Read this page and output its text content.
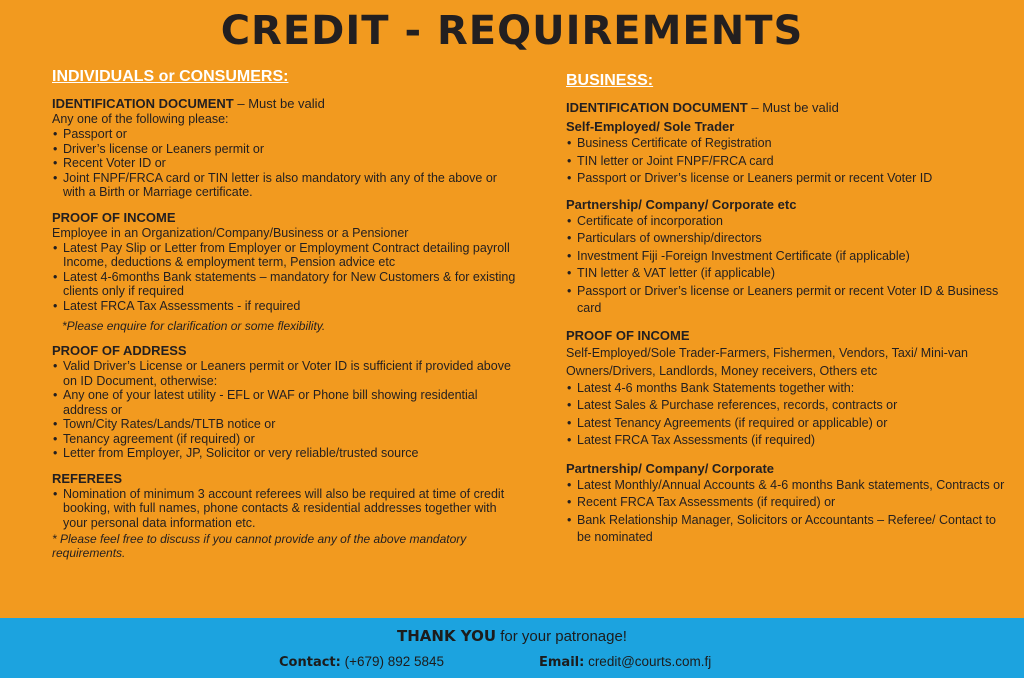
CREDIT - REQUIREMENTS
INDIVIDUALS or CONSUMERS:
IDENTIFICATION DOCUMENT – Must be valid
Any one of the following please:
• Passport or
• Driver’s license or Leaners permit or
• Recent Voter ID or
• Joint FNPF/FRCA card or TIN letter is also mandatory with any of the above or with a Birth or Marriage certificate.
PROOF OF INCOME
Employee in an Organization/Company/Business or a Pensioner
• Latest Pay Slip or Letter from Employer or Employment Contract detailing payroll Income, deductions & employment term, Pension advice etc
• Latest 4-6months Bank statements – mandatory for New Customers & for existing clients only if required
• Latest FRCA Tax Assessments - if required
*Please enquire for clarification or some flexibility.
PROOF OF ADDRESS
• Valid Driver’s License or Leaners permit or Voter ID is sufficient if provided above on ID Document, otherwise:
• Any one of your latest utility - EFL or WAF or Phone bill showing residential address or
• Town/City Rates/Lands/TLTB notice or
• Tenancy agreement (if required) or
• Letter from Employer, JP, Solicitor or very reliable/trusted source
REFEREES
• Nomination of minimum 3 account referees will also be required at time of credit booking, with full names, phone contacts & residential addresses together with your personal data information etc.
* Please feel free to discuss if you cannot provide any of the above mandatory requirements.
BUSINESS:
IDENTIFICATION DOCUMENT – Must be valid
Self-Employed/ Sole Trader
• Business Certificate of Registration
• TIN letter or Joint FNPF/FRCA card
• Passport or Driver’s license or Leaners permit or recent Voter ID
Partnership/ Company/ Corporate etc
• Certificate of incorporation
• Particulars of ownership/directors
• Investment Fiji -Foreign Investment Certificate (if applicable)
• TIN letter & VAT letter (if applicable)
• Passport or Driver’s license or Leaners permit or recent Voter ID & Business card
PROOF OF INCOME
Self-Employed/Sole Trader-Farmers, Fishermen, Vendors, Taxi/ Mini-van Owners/Drivers, Landlords, Money receivers, Others etc
• Latest 4-6 months Bank Statements together with:
• Latest Sales & Purchase references, records, contracts or
• Latest Tenancy Agreements (if required or applicable) or
• Latest FRCA Tax Assessments (if required)
Partnership/ Company/ Corporate
• Latest Monthly/Annual Accounts & 4-6 months Bank statements, Contracts or
• Recent FRCA Tax Assessments (if required) or
• Bank Relationship Manager, Solicitors or Accountants – Referee/ Contact to be nominated
THANK YOU for your patronage!
Contact: (+679) 892 5845	Email: credit@courts.com.fj
